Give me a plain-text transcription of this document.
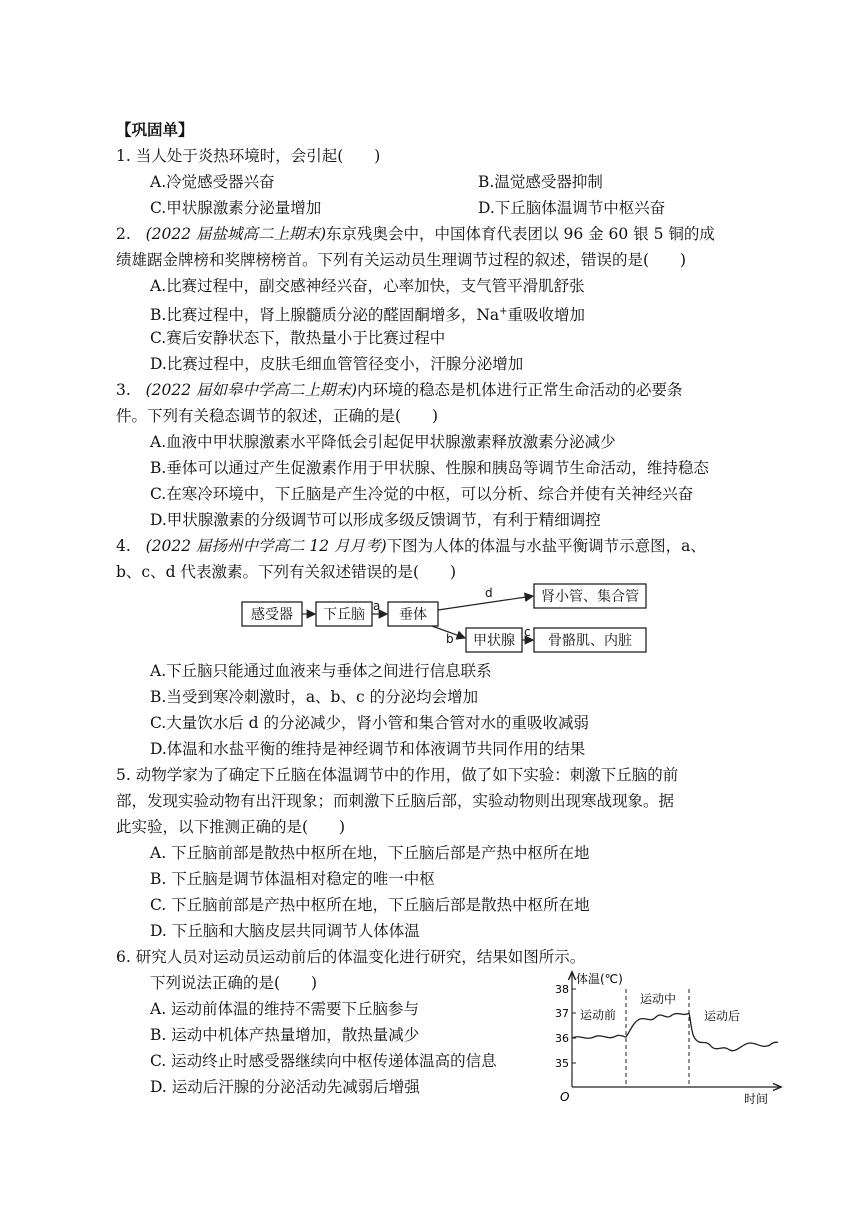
【巩固单】
1. 当人处于炎热环境时，会引起(　　)
A.冷觉感受器兴奋	B.温觉感受器抑制
C.甲状腺激素分泌量增加	D.下丘脑体温调节中枢兴奋
2. (2022 届盐城高二上期末)东京残奥会中，中国体育代表团以 96 金 60 银 5 铜的成
绩雄踞金牌榜和奖牌榜榜首。下列有关运动员生理调节过程的叙述，错误的是(　　)
A.比赛过程中，副交感神经兴奋，心率加快，支气管平滑肌舒张
B.比赛过程中，肾上腺髓质分泌的醛固酮增多，Na+重吸收增加
C.赛后安静状态下，散热量小于比赛过程中
D.比赛过程中，皮肤毛细血管管径变小，汗腺分泌增加
3. (2022 届如皋中学高二上期末)内环境的稳态是机体进行正常生命活动的必要条
件。下列有关稳态调节的叙述，正确的是(　　)
A.血液中甲状腺激素水平降低会引起促甲状腺激素释放激素分泌减少
B.垂体可以通过产生促激素作用于甲状腺、性腺和胰岛等调节生命活动，维持稳态
C.在寒冷环境中，下丘脑是产生冷觉的中枢，可以分析、综合并使有关神经兴奋
D.甲状腺激素的分级调节可以形成多级反馈调节，有利于精细调控
4. (2022 届扬州中学高二 12 月月考)下图为人体的体温与水盐平衡调节示意图，a、
b、c、d 代表激素。下列有关叙述错误的是(　　)
感受器 下丘脑 垂体
肾小管、集合管
甲状腺 骨骼肌、内脏
a
d
b	c
A.下丘脑只能通过血液来与垂体之间进行信息联系
B.当受到寒冷刺激时，a、b、c 的分泌均会增加
C.大量饮水后 d 的分泌减少，肾小管和集合管对水的重吸收减弱
D.体温和水盐平衡的维持是神经调节和体液调节共同作用的结果
5. 动物学家为了确定下丘脑在体温调节中的作用，做了如下实验：刺激下丘脑的前
部，发现实验动物有出汗现象；而刺激下丘脑后部，实验动物则出现寒战现象。据
此实验，以下推测正确的是(　　)
A. 下丘脑前部是散热中枢所在地，下丘脑后部是产热中枢所在地
B. 下丘脑是调节体温相对稳定的唯一中枢
C. 下丘脑前部是产热中枢所在地，下丘脑后部是散热中枢所在地
D. 下丘脑和大脑皮层共同调节人体体温
6. 研究人员对运动员运动前后的体温变化进行研究，结果如图所示。
下列说法正确的是(　　)
A. 运动前体温的维持不需要下丘脑参与
B. 运动中机体产热量增加，散热量减少
C. 运动终止时感受器继续向中枢传递体温高的信息
D. 运动后汗腺的分泌活动先减弱后增强
体温(℃)
时间
O
38
37
36
35
运动前
运动中
运动后
